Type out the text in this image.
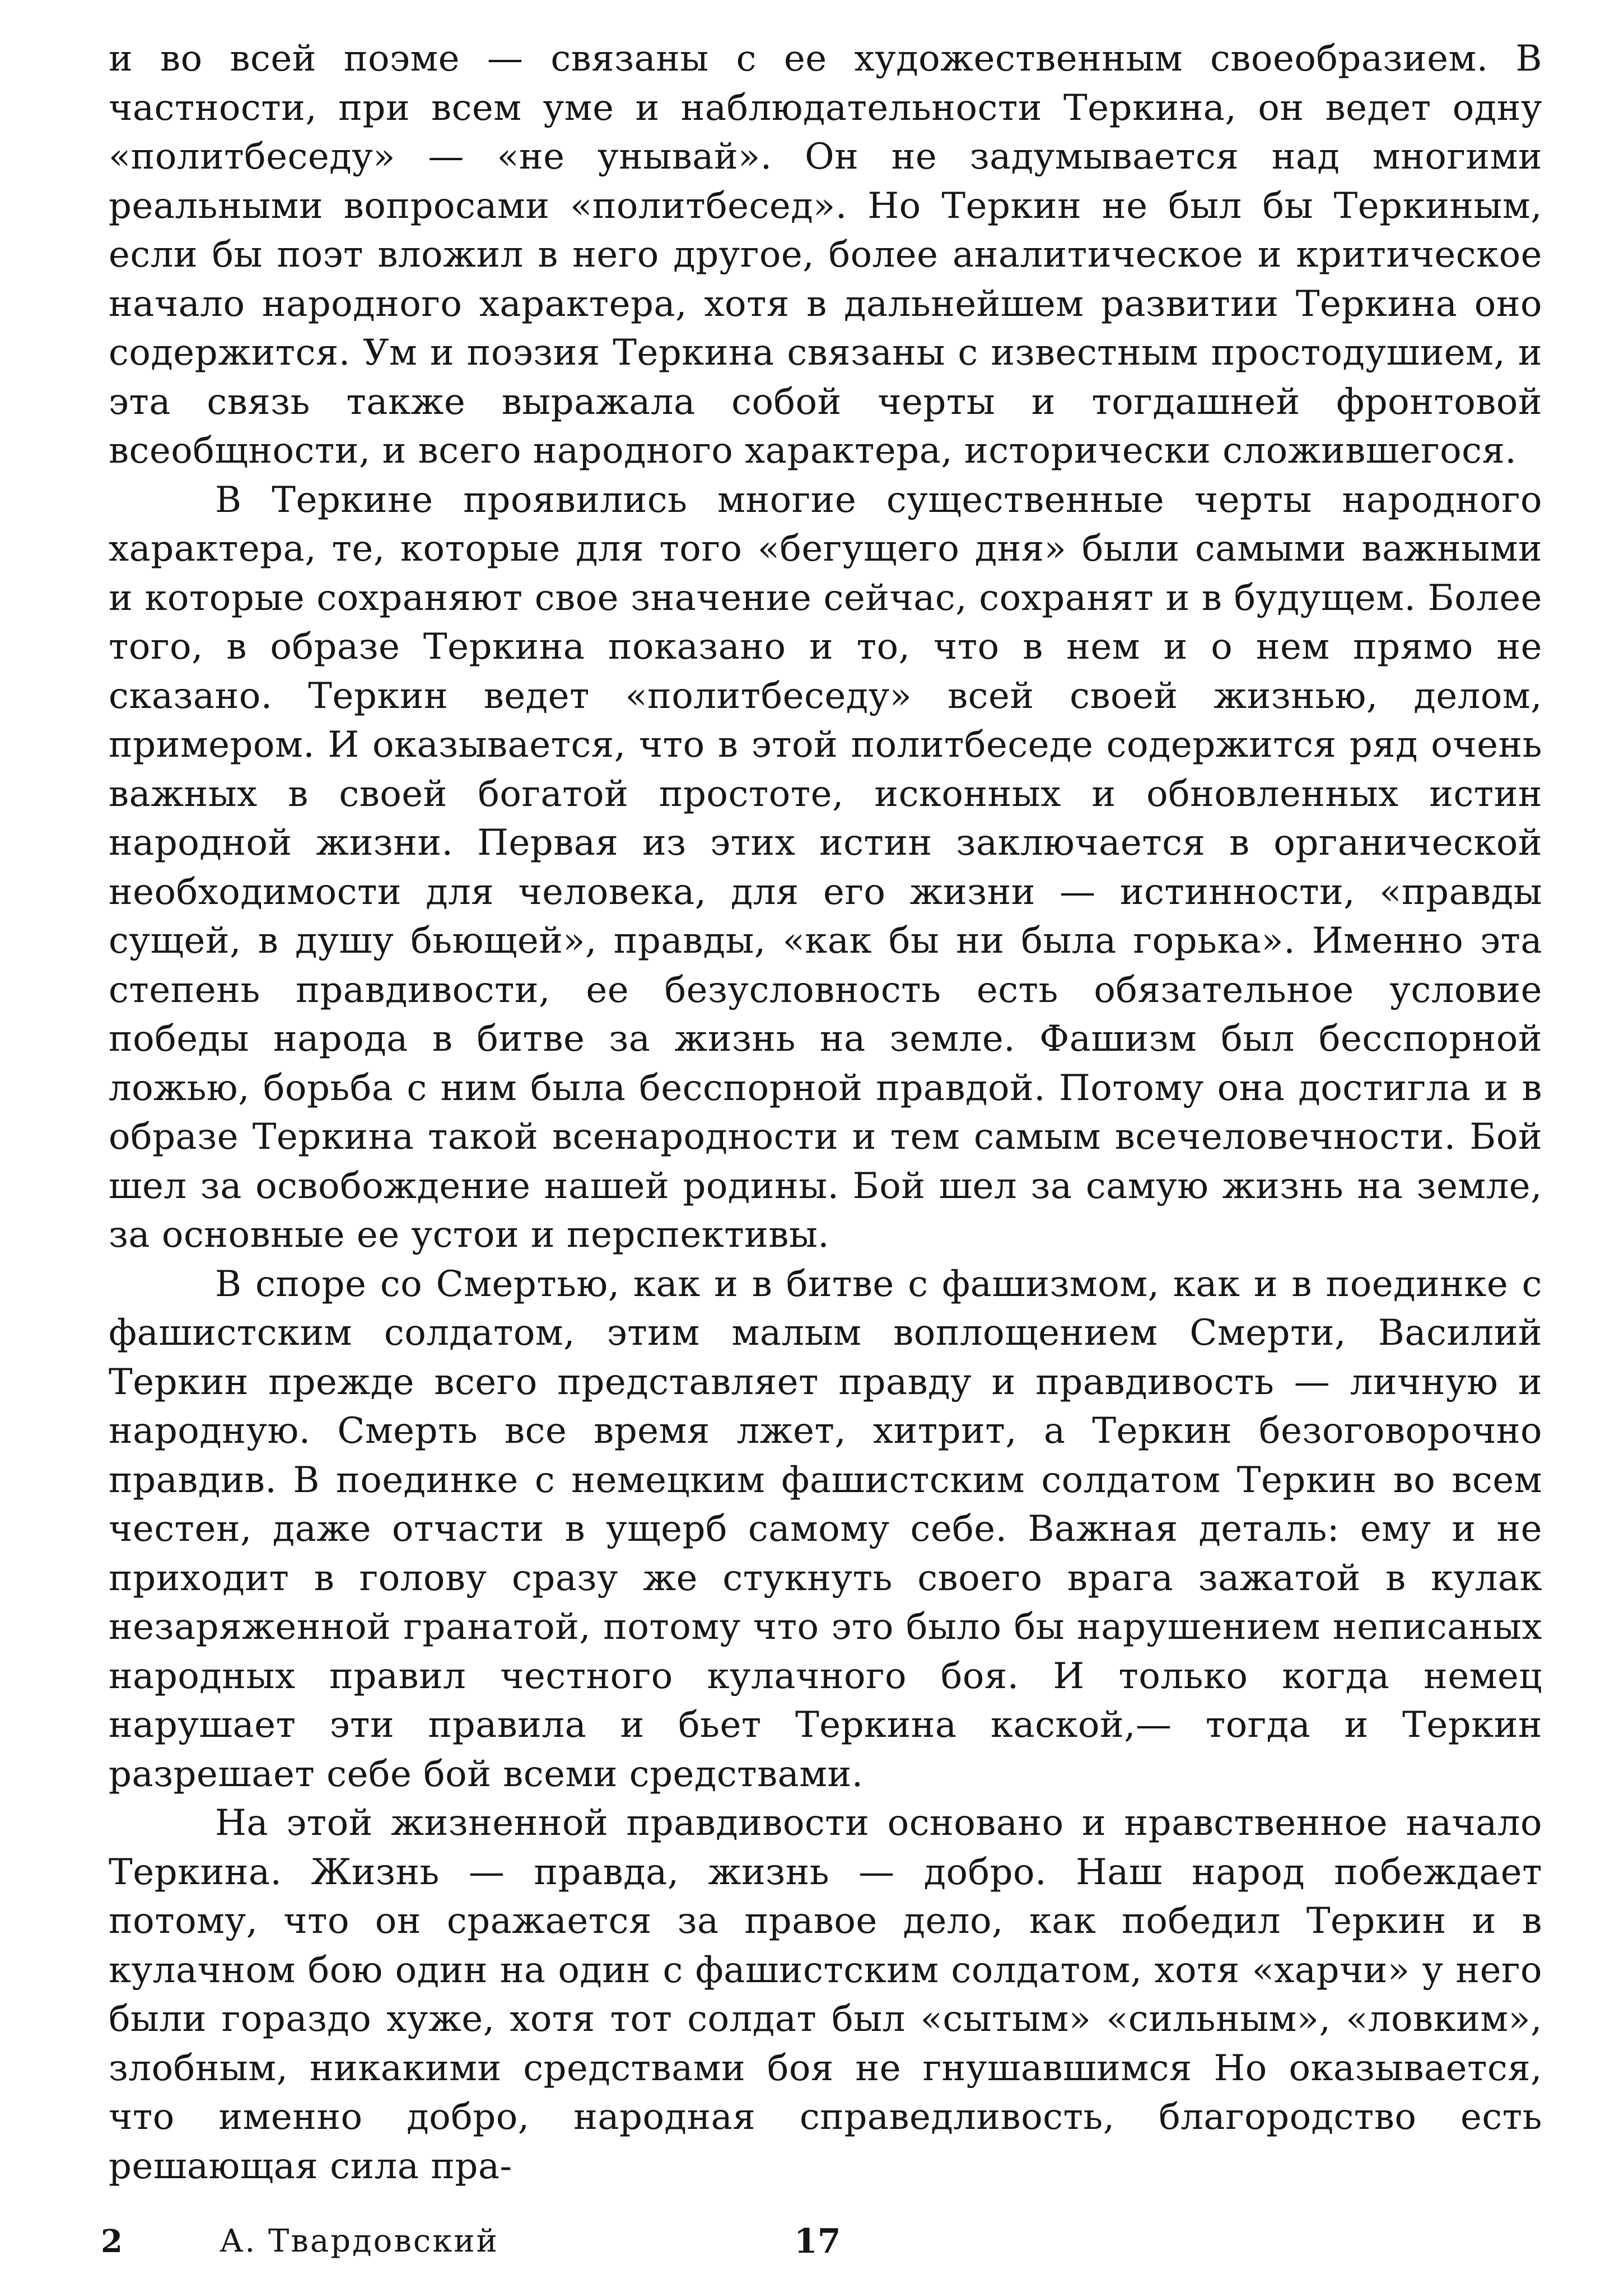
и во всей поэме — связаны с ее художественным своеобразием. В частности, при всем уме и наблюдательности Теркина, он ведет одну «политбеседу» — «не унывай». Он не задумывается над многими реальными вопросами «политбесед». Но Теркин не был бы Теркиным, если бы поэт вложил в него другое, более аналитическое и критическое начало народного характера, хотя в дальнейшем развитии Теркина оно содержится. Ум и поэзия Теркина связаны с известным простодушием, и эта связь также выражала собой черты и тогдашней фронтовой всеобщности, и всего народного характера, исторически сложившегося.

В Теркине проявились многие существенные черты народного характера, те, которые для того «бегущего дня» были самыми важными и которые сохраняют свое значение сейчас, сохранят и в будущем. Более того, в образе Теркина показано и то, что в нем и о нем прямо не сказано. Теркин ведет «политбеседу» всей своей жизнью, делом, примером. И оказывается, что в этой политбеседе содержится ряд очень важных в своей богатой простоте, исконных и обновленных истин народной жизни. Первая из этих истин заключается в органической необходимости для человека, для его жизни — истинности, «правды сущей, в душу бьющей», правды, «как бы ни была горька». Именно эта степень правдивости, ее безусловность есть обязательное условие победы народа в битве за жизнь на земле. Фашизм был бесспорной ложью, борьба с ним была бесспорной правдой. Потому она достигла и в образе Теркина такой всенародности и тем самым всечеловечности. Бой шел за освобождение нашей родины. Бой шел за самую жизнь на земле, за основные ее устои и перспективы.

В споре со Смертью, как и в битве с фашизмом, как и в поединке с фашистским солдатом, этим малым воплощением Смерти, Василий Теркин прежде всего представляет правду и правдивость — личную и народную. Смерть все время лжет, хитрит, а Теркин безоговорочно правдив. В поединке с немецким фашистским солдатом Теркин во всем честен, даже отчасти в ущерб самому себе. Важная деталь: ему и не приходит в голову сразу же стукнуть своего врага зажатой в кулак незаряженной гранатой, потому что это было бы нарушением неписаных народных правил честного кулачного боя. И только когда немец нарушает эти правила и бьет Теркина каской,— тогда и Теркин разрешает себе бой всеми средствами.

На этой жизненной правдивости основано и нравственное начало Теркина. Жизнь — правда, жизнь — добро. Наш народ побеждает потому, что он сражается за правое дело, как победил Теркин и в кулачном бою один на один с фашистским солдатом, хотя «харчи» у него были гораздо хуже, хотя тот солдат был «сытым» «сильным», «ловким», злобным, никакими средствами боя не гнушавшимся Но оказывается, что именно добро, народная справедливость, благородство есть решающая сила пра-

2	А. Твардовский	17
